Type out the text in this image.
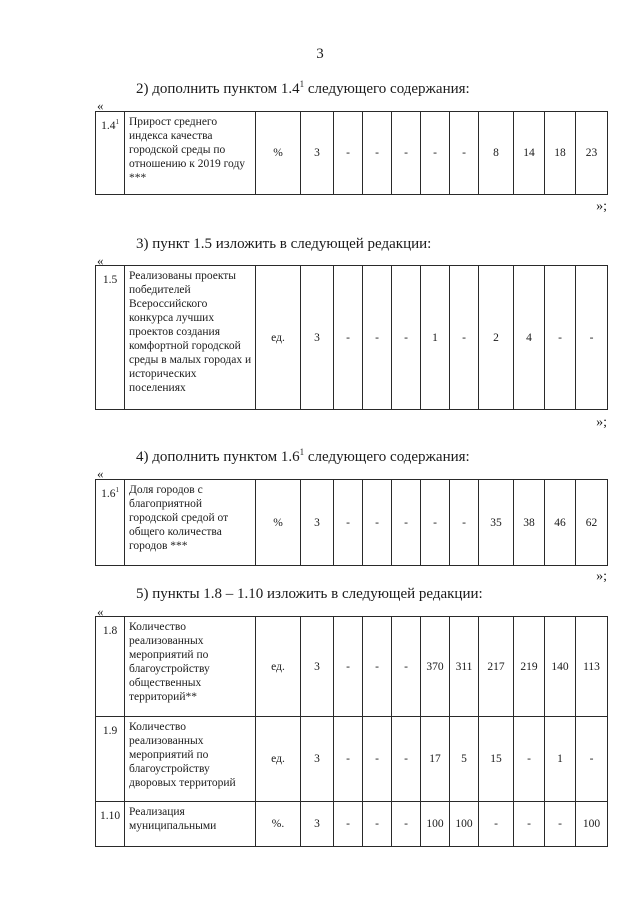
3
2) дополнить пунктом $1.4^1$ следующего содержания:
«
$1.4^1$	Прирост среднего индекса качества городской среды по отношению к 2019 году ***	%	3	-	-	-	-	-	8	14	18	23
»;
3) пункт 1.5 изложить в следующей редакции:
«
1.5	Реализованы проекты победителей Всероссийского конкурса лучших проектов создания комфортной городской среды в малых городах и исторических поселениях	ед.	3	-	-	-	1	-	2	4	-	-
»;
4) дополнить пунктом $1.6^1$ следующего содержания:
«
$1.6^1$	Доля городов с благоприятной городской средой от общего количества городов ***	%	3	-	-	-	-	-	35	38	46	62
»;
5) пункты 1.8 – 1.10 изложить в следующей редакции:
«
1.8	Количество реализованных мероприятий по благоустройству общественных территорий**	ед.	3	-	-	-	370	311	217	219	140	113
1.9	Количество реализованных мероприятий по благоустройству дворовых территорий	ед.	3	-	-	-	17	5	15	-	1	-
1.10	Реализация муниципальными	%.	3	-	-	-	100	100	-	-	-	100
